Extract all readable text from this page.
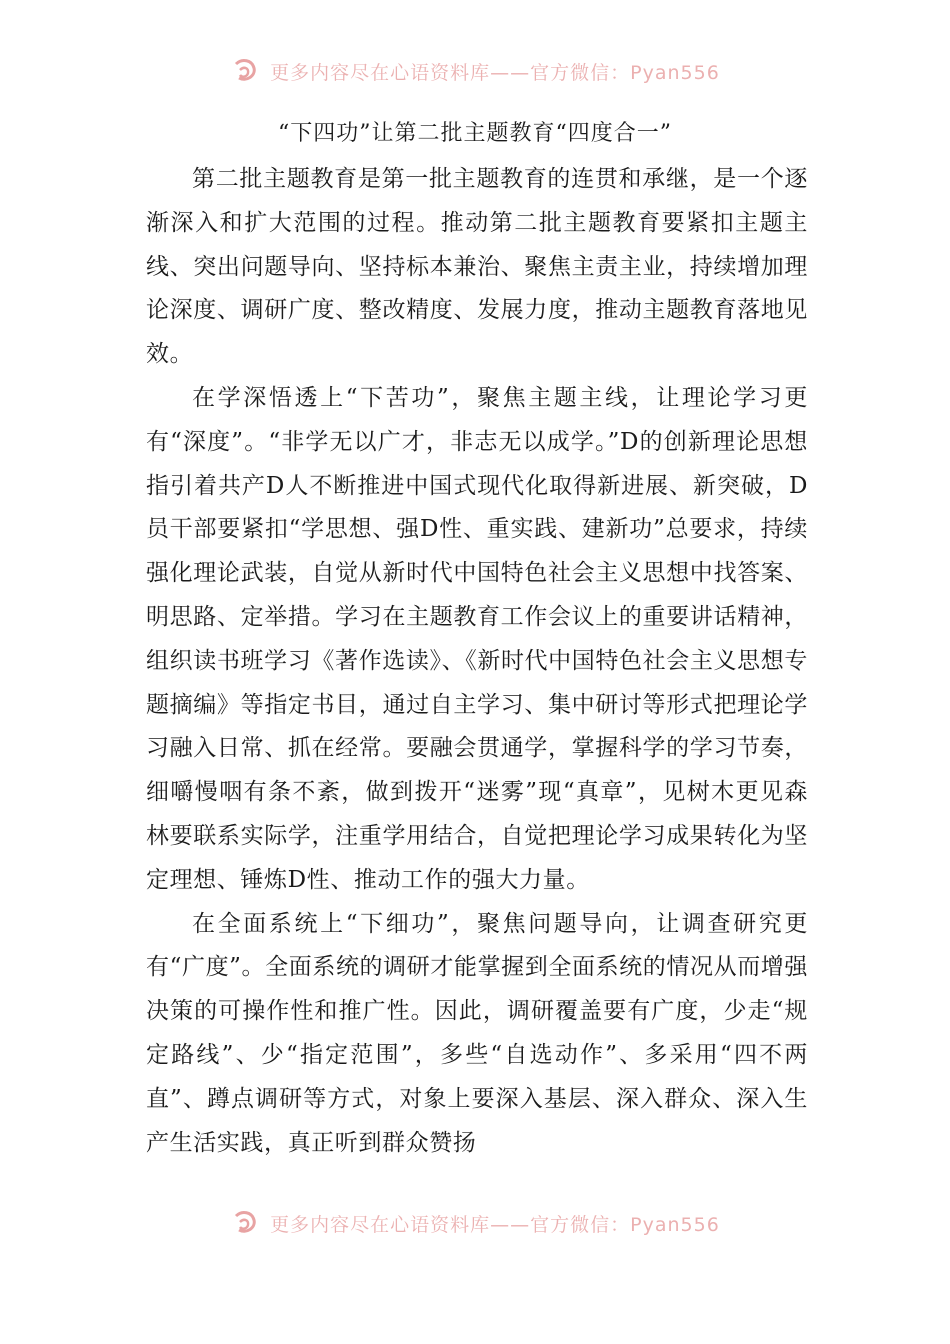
更多内容尽在心语资料库——官方微信：Pyan556
“下四功”让第二批主题教育“四度合一”

第二批主题教育是第一批主题教育的连贯和承继，是一个逐渐深入和扩大范围的过程。推动第二批主题教育要紧扣主题主线、突出问题导向、坚持标本兼治、聚焦主责主业，持续增加理论深度、调研广度、整改精度、发展力度，推动主题教育落地见效。

在学深悟透上“下苦功”，聚焦主题主线，让理论学习更有“深度”。“非学无以广才，非志无以成学。”D的创新理论思想指引着共产D人不断推进中国式现代化取得新进展、新突破，D员干部要紧扣“学思想、强D性、重实践、建新功”总要求，持续强化理论武装，自觉从新时代中国特色社会主义思想中找答案、明思路、定举措。学习在主题教育工作会议上的重要讲话精神，组织读书班学习《著作选读》、《新时代中国特色社会主义思想专题摘编》等指定书目，通过自主学习、集中研讨等形式把理论学习融入日常、抓在经常。要融会贯通学，掌握科学的学习节奏，细嚼慢咽有条不紊，做到拨开“迷雾”现“真章”，见树木更见森林要联系实际学，注重学用结合，自觉把理论学习成果转化为坚定理想、锤炼D性、推动工作的强大力量。

在全面系统上“下细功”，聚焦问题导向，让调查研究更有“广度”。全面系统的调研才能掌握到全面系统的情况从而增强决策的可操作性和推广性。因此，调研覆盖要有广度，少走“规定路线”、少“指定范围”，多些“自选动作”、多采用“四不两直”、蹲点调研等方式，对象上要深入基层、深入群众、深入生产生活实践，真正听到群众赞扬

更多内容尽在心语资料库——官方微信：Pyan556
